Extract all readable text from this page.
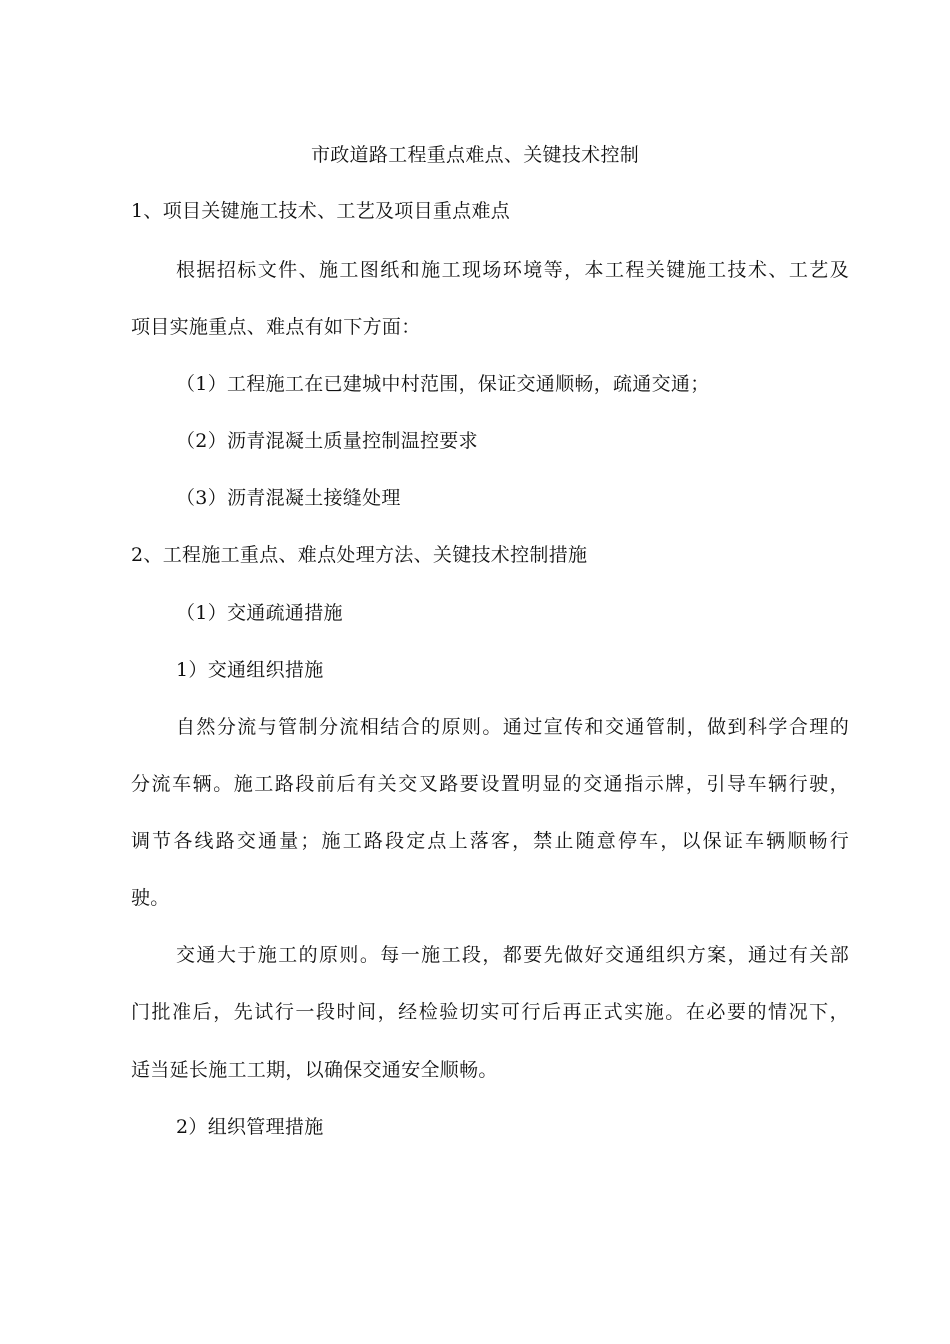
市政道路工程重点难点、关键技术控制
1、项目关键施工技术、工艺及项目重点难点
根据招标文件、施工图纸和施工现场环境等，本工程关键施工技术、工艺及
项目实施重点、难点有如下方面：
（1）工程施工在已建城中村范围，保证交通顺畅，疏通交通；
（2）沥青混凝土质量控制温控要求
（3）沥青混凝土接缝处理
2、工程施工重点、难点处理方法、关键技术控制措施
（1）交通疏通措施
1）交通组织措施
自然分流与管制分流相结合的原则。通过宣传和交通管制，做到科学合理的
分流车辆。施工路段前后有关交叉路要设置明显的交通指示牌，引导车辆行驶，
调节各线路交通量；施工路段定点上落客，禁止随意停车，以保证车辆顺畅行
驶。
交通大于施工的原则。每一施工段，都要先做好交通组织方案，通过有关部
门批准后，先试行一段时间，经检验切实可行后再正式实施。在必要的情况下，
适当延长施工工期，以确保交通安全顺畅。
2）组织管理措施
